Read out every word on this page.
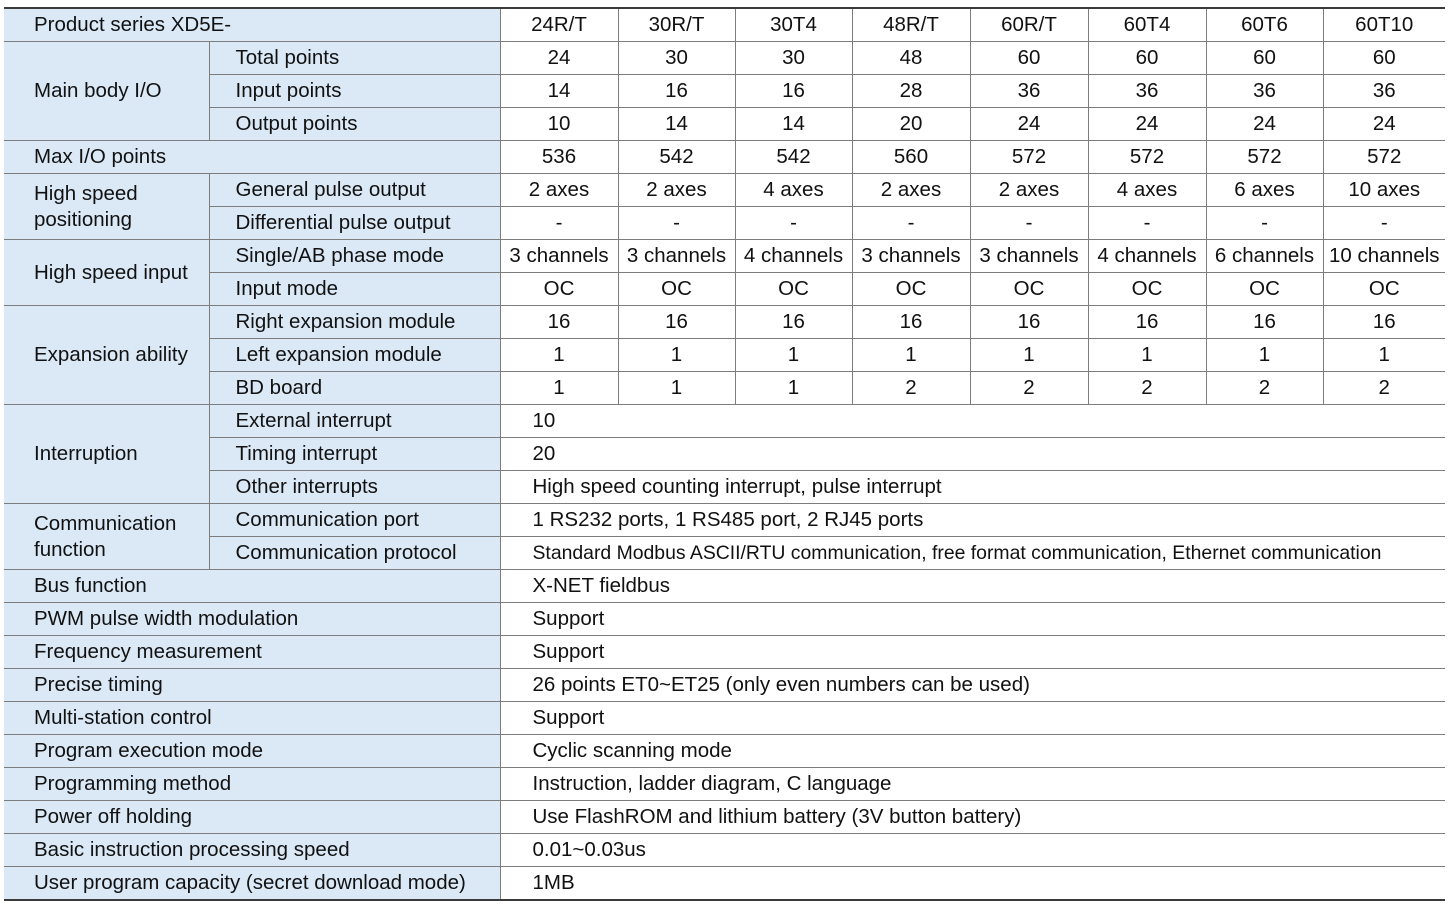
Product series XD5E-		24R/T	30R/T	30T4	48R/T	60R/T	60T4	60T6	60T10
Main body I/O	Total points	24	30	30	48	60	60	60	60
	Input points	14	16	16	28	36	36	36	36
	Output points	10	14	14	20	24	24	24	24
Max I/O points		536	542	542	560	572	572	572	572
High speed positioning	General pulse output	2 axes	2 axes	4 axes	2 axes	2 axes	4 axes	6 axes	10 axes
	Differential pulse output	-	-	-	-	-	-	-	-
High speed input	Single/AB phase mode	3 channels	3 channels	4 channels	3 channels	3 channels	4 channels	6 channels	10 channels
	Input mode	OC	OC	OC	OC	OC	OC	OC	OC
Expansion ability	Right expansion module	16	16	16	16	16	16	16	16
	Left expansion module	1	1	1	1	1	1	1	1
	BD board	1	1	1	2	2	2	2	2
Interruption	External interrupt	10							
	Timing interrupt	20							
	Other interrupts	High speed counting interrupt, pulse interrupt							
Communication function	Communication port	1 RS232 ports, 1 RS485 port, 2 RJ45 ports							
	Communication protocol	Standard Modbus ASCII/RTU communication, free format communication, Ethernet communication							
Bus function		X-NET fieldbus							
PWM pulse width modulation		Support							
Frequency measurement		Support							
Precise timing		26 points ET0~ET25 (only even numbers can be used)							
Multi-station control		Support							
Program execution mode		Cyclic scanning mode							
Programming method		Instruction, ladder diagram, C language							
Power off holding		Use FlashROM and lithium battery (3V button battery)							
Basic instruction processing speed		0.01~0.03us							
User program capacity (secret download mode)		1MB							
